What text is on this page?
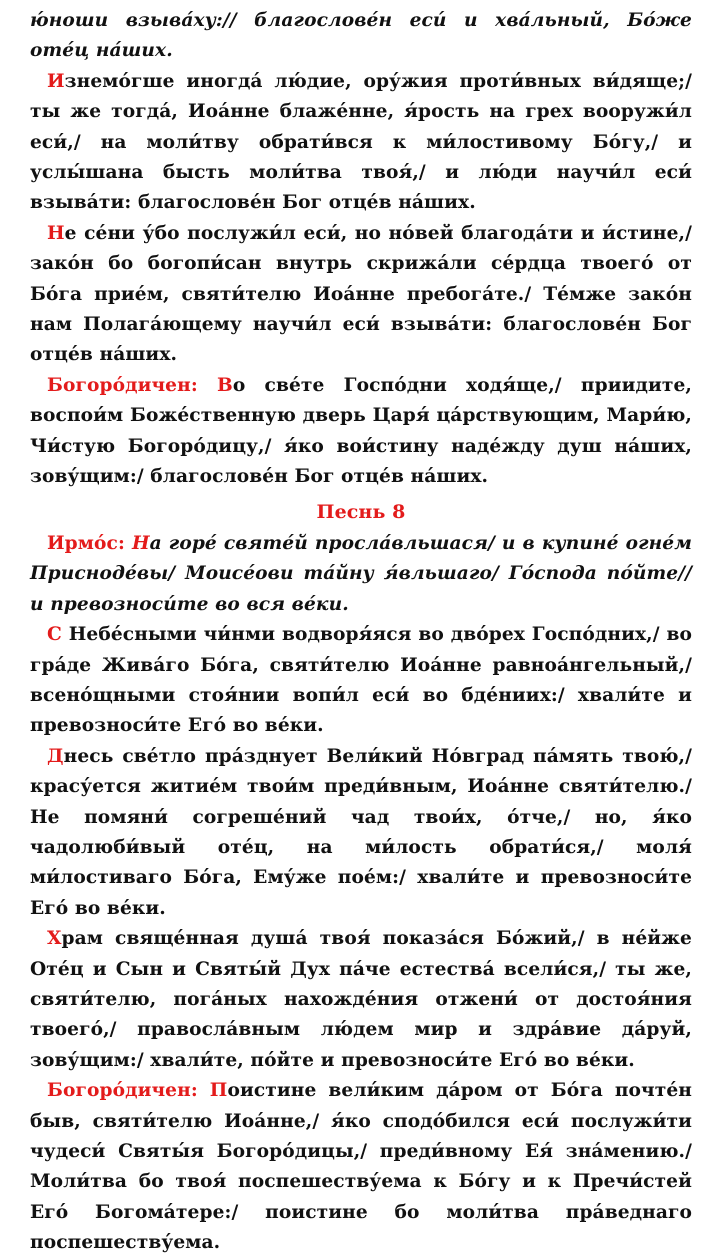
ю́ноши взыва́ху:// благослове́н еси́ и хва́льный, Бо́же оте́ц на́ших.

Изнемо́гше иногда́ лю́дие, ору́жия проти́вных ви́дяще;/ ты же тогда́, Иоа́нне блаже́нне, я́рость на грех вооружи́л еси́,/ на моли́тву обрати́вся к ми́лостивому Бо́гу,/ и услы́шана бысть моли́тва твоя́,/ и лю́ди научи́л еси́ взыва́ти: благослове́н Бог отце́в на́ших.

Не се́ни у́бо послужи́л еси́, но но́вей благода́ти и и́стине,/ зако́н бо богопи́сан внутрь скрижа́ли се́рдца твоего́ от Бо́га прие́м, святи́телю Иоа́нне пребога́те./ Те́мже зако́н нам Полага́ющему научи́л еси́ взыва́ти: благослове́н Бог отце́в на́ших.

Богоро́дичен: Во све́те Госпо́дни ходя́ще,/ приидите, воспои́м Боже́ственную дверь Царя́ ца́рствующим, Мари́ю, Чи́стую Богоро́дицу,/ я́ко вои́стину наде́жду душ на́ших, зову́щим:/ благослове́н Бог отце́в на́ших.

Песнь 8

Ирмо́с: На горе́ святе́й просла́вльшася/ и в купине́ огне́м Присноде́вы/ Моисе́ови та́йну я́вльшаго/ Го́спода по́йте// и превозноси́те во вся ве́ки.

С Небе́сными чи́нми водворя́яся во дво́рех Госпо́дних,/ во гра́де Жива́го Бо́га, святи́телю Иоа́нне равноа́нгельный,/ всено́щными стоя́нии вопи́л еси́ во бде́ниих:/ хвали́те и превозноси́те Его́ во ве́ки.

Днесь све́тло пра́зднует Вели́кий Но́вград па́мять твою́,/ красу́ется житие́м твои́м преди́вным, Иоа́нне святи́телю./ Не помяни́ согреше́ний чад твои́х, о́тче,/ но, я́ко чадолюби́вый оте́ц, на ми́лость обрати́ся,/ моля́ ми́лостиваго Бо́га, Ему́же пое́м:/ хвали́те и превозноси́те Его́ во ве́ки.

Храм свяще́нная душа́ твоя́ показа́ся Бо́жий,/ в не́йже Оте́ц и Сын и Святы́й Дух па́че естества́ всели́ся,/ ты же, святи́телю, пога́ных нахожде́ния отжени́ от достоя́ния твоего́,/ правосла́вным лю́дем мир и здра́вие да́руй, зову́щим:/ хвали́те, по́йте и превозноси́те Его́ во ве́ки.

Богоро́дичен: Поистине вели́ким да́ром от Бо́га почте́н быв, святи́телю Иоа́нне,/ я́ко сподо́бился еси́ послужи́ти чудеси́ Святы́я Богоро́дицы,/ преди́вному Ея́ зна́мению./ Моли́тва бо твоя́ поспешеству́ема к Бо́гу и к Пречи́стей Его́ Богома́тере:/ поистине бо моли́тва пра́веднаго поспешеству́ема.
